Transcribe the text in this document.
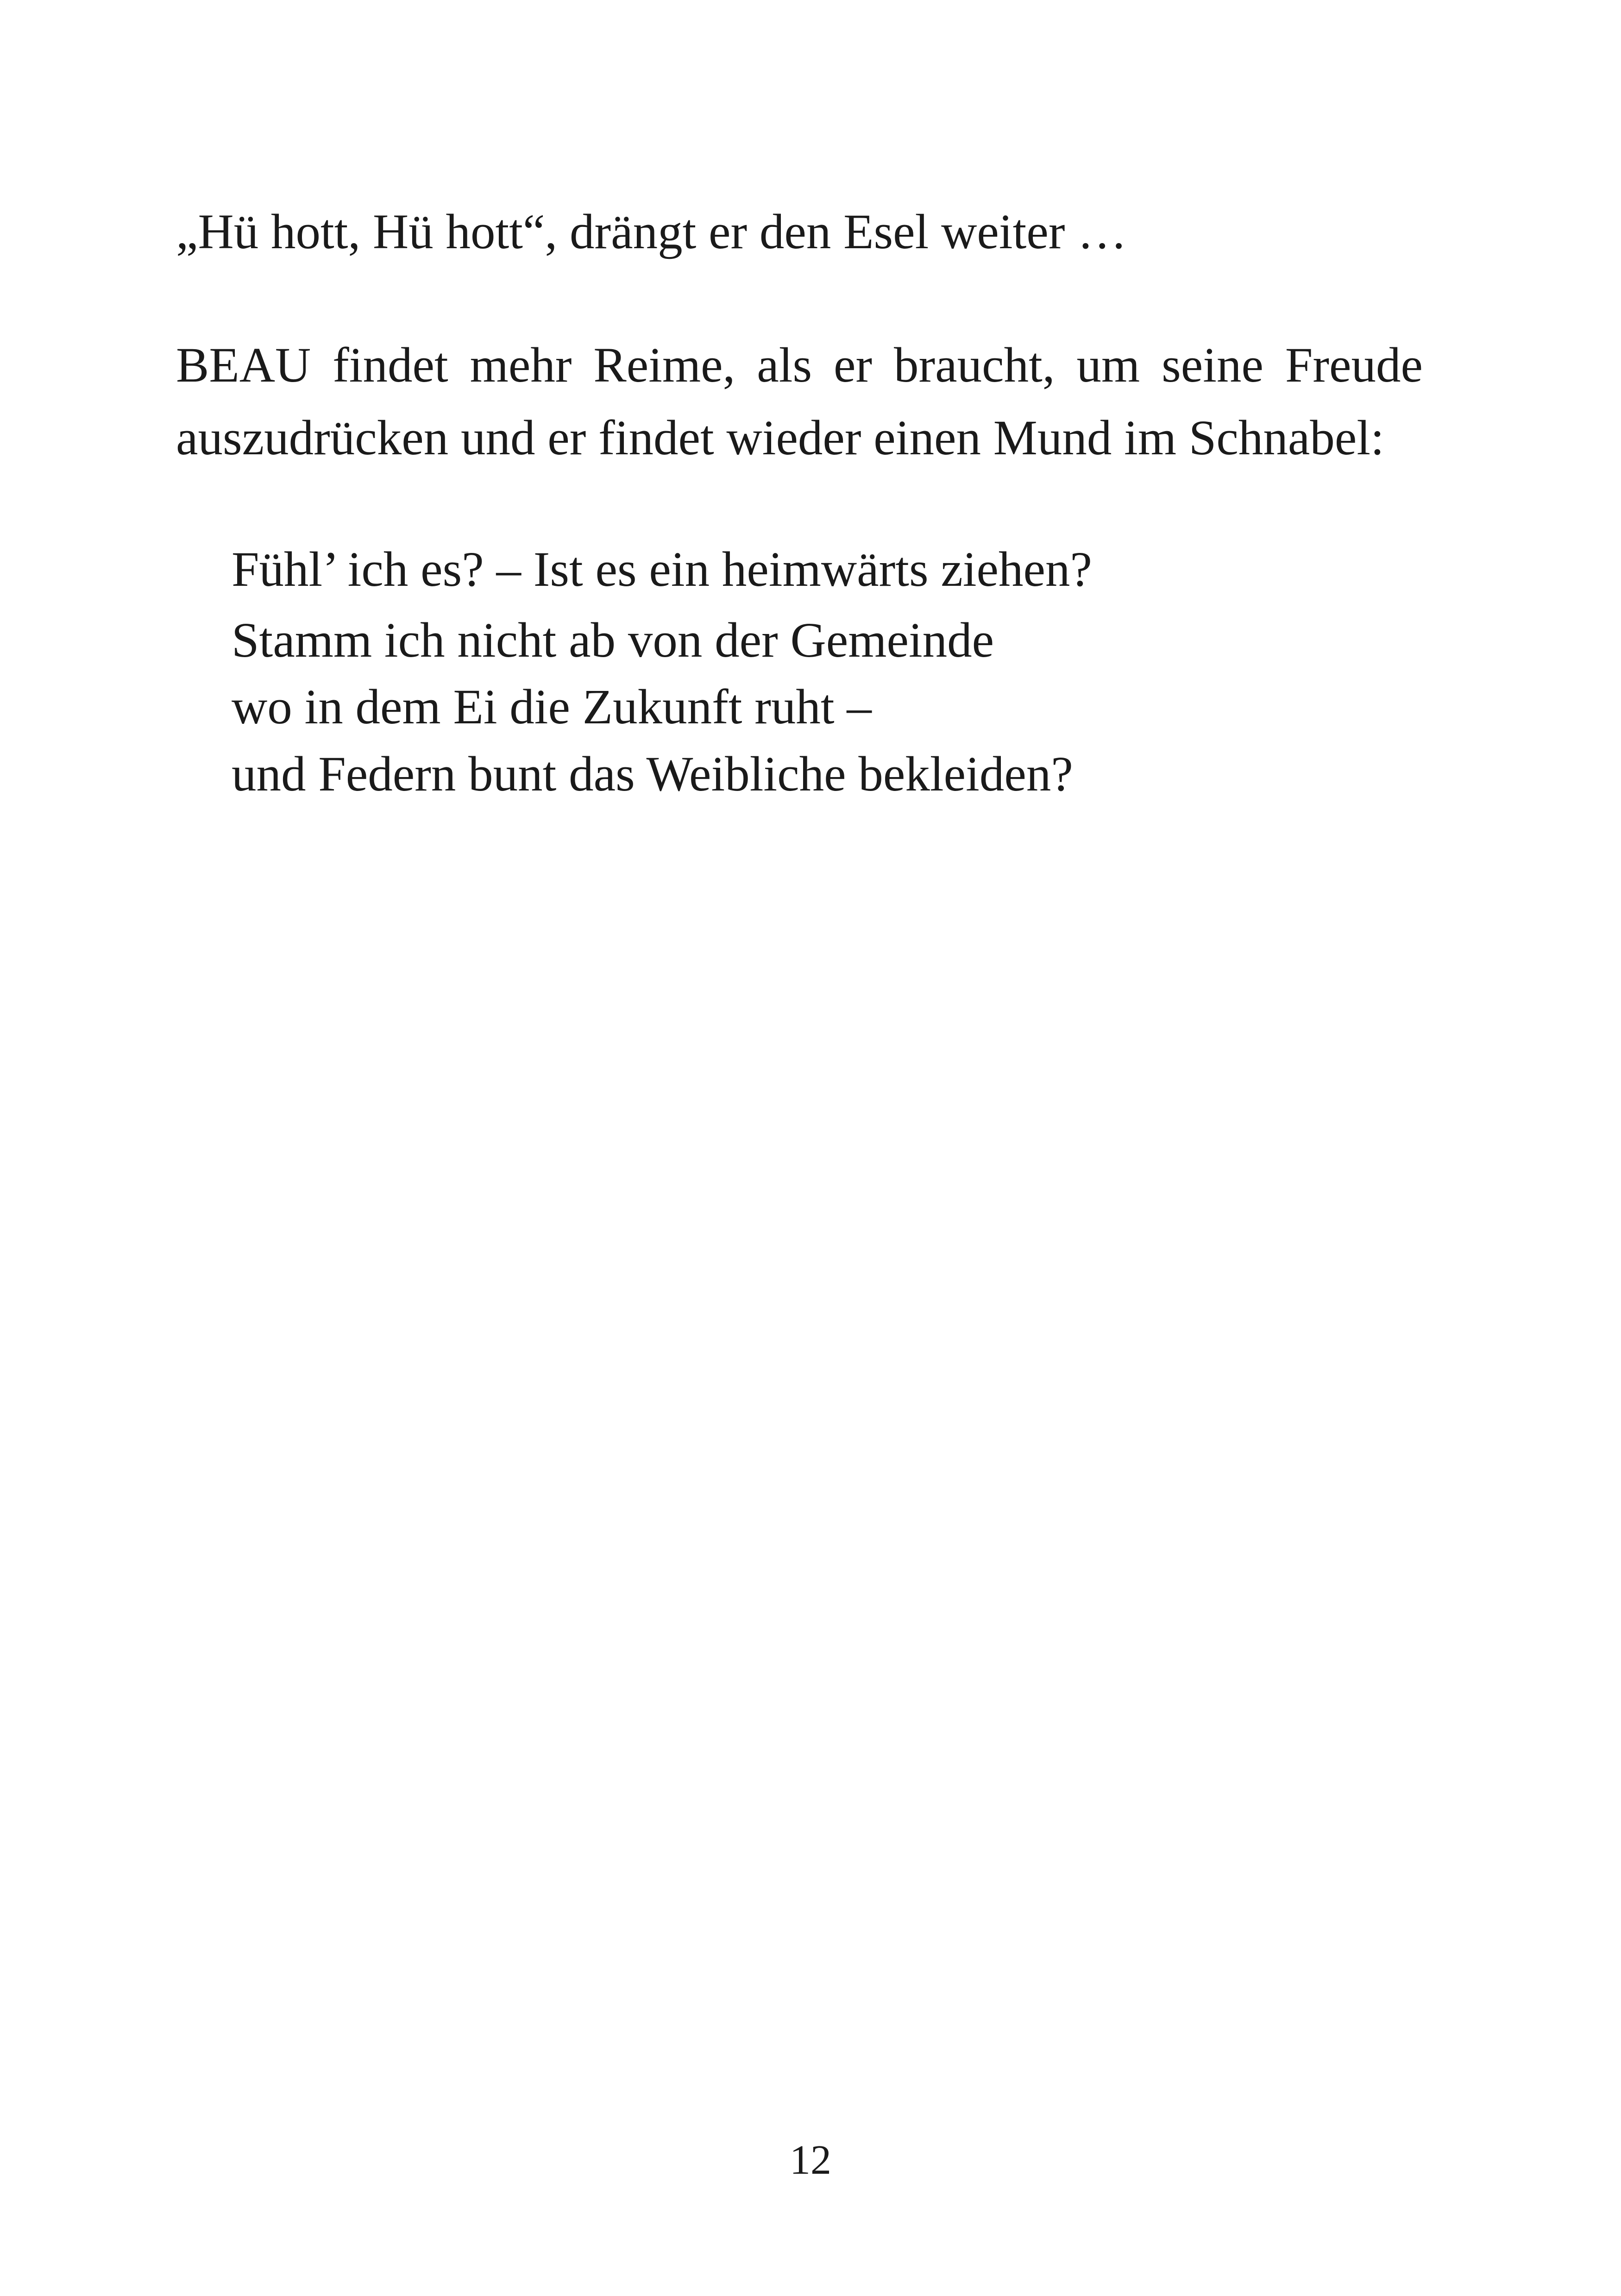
„Hü hott, Hü hott“, drängt er den Esel weiter …
BEAU findet mehr Reime, als er braucht, um seine Freude
auszudrücken und er findet wieder einen Mund im Schnabel:
Fühl’ ich es? – Ist es ein heimwärts ziehen?
Stamm ich nicht ab von der Gemeinde
wo in dem Ei die Zukunft ruht –
und Federn bunt das Weibliche bekleiden?
12
